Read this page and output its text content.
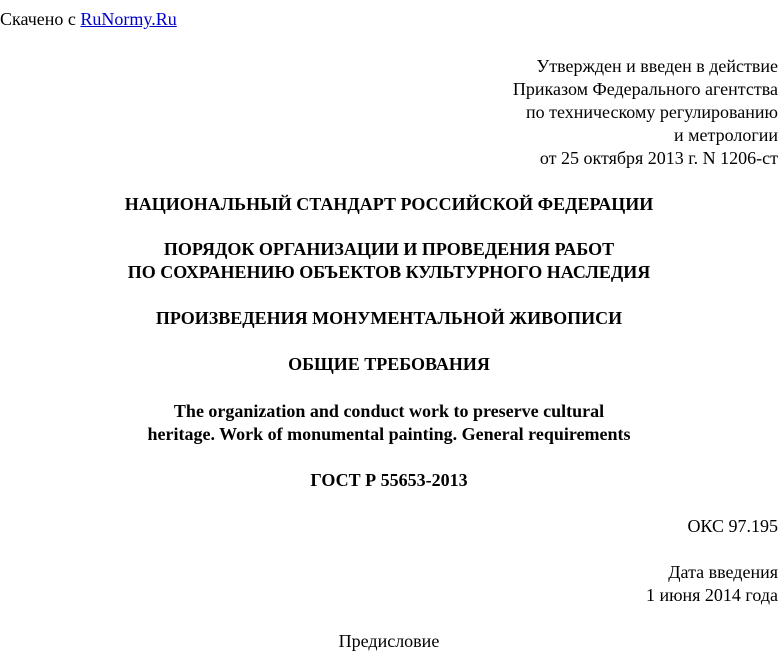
Скачено с RuNormy.Ru
Утвержден и введен в действие
Приказом Федерального агентства
по техническому регулированию
и метрологии
от 25 октября 2013 г. N 1206-ст
НАЦИОНАЛЬНЫЙ СТАНДАРТ РОССИЙСКОЙ ФЕДЕРАЦИИ
ПОРЯДОК ОРГАНИЗАЦИИ И ПРОВЕДЕНИЯ РАБОТ
ПО СОХРАНЕНИЮ ОБЪЕКТОВ КУЛЬТУРНОГО НАСЛЕДИЯ
ПРОИЗВЕДЕНИЯ МОНУМЕНТАЛЬНОЙ ЖИВОПИСИ
ОБЩИЕ ТРЕБОВАНИЯ
The organization and conduct work to preserve cultural
heritage. Work of monumental painting. General requirements
ГОСТ Р 55653-2013
ОКС 97.195
Дата введения
1 июня 2014 года
Предисловие
